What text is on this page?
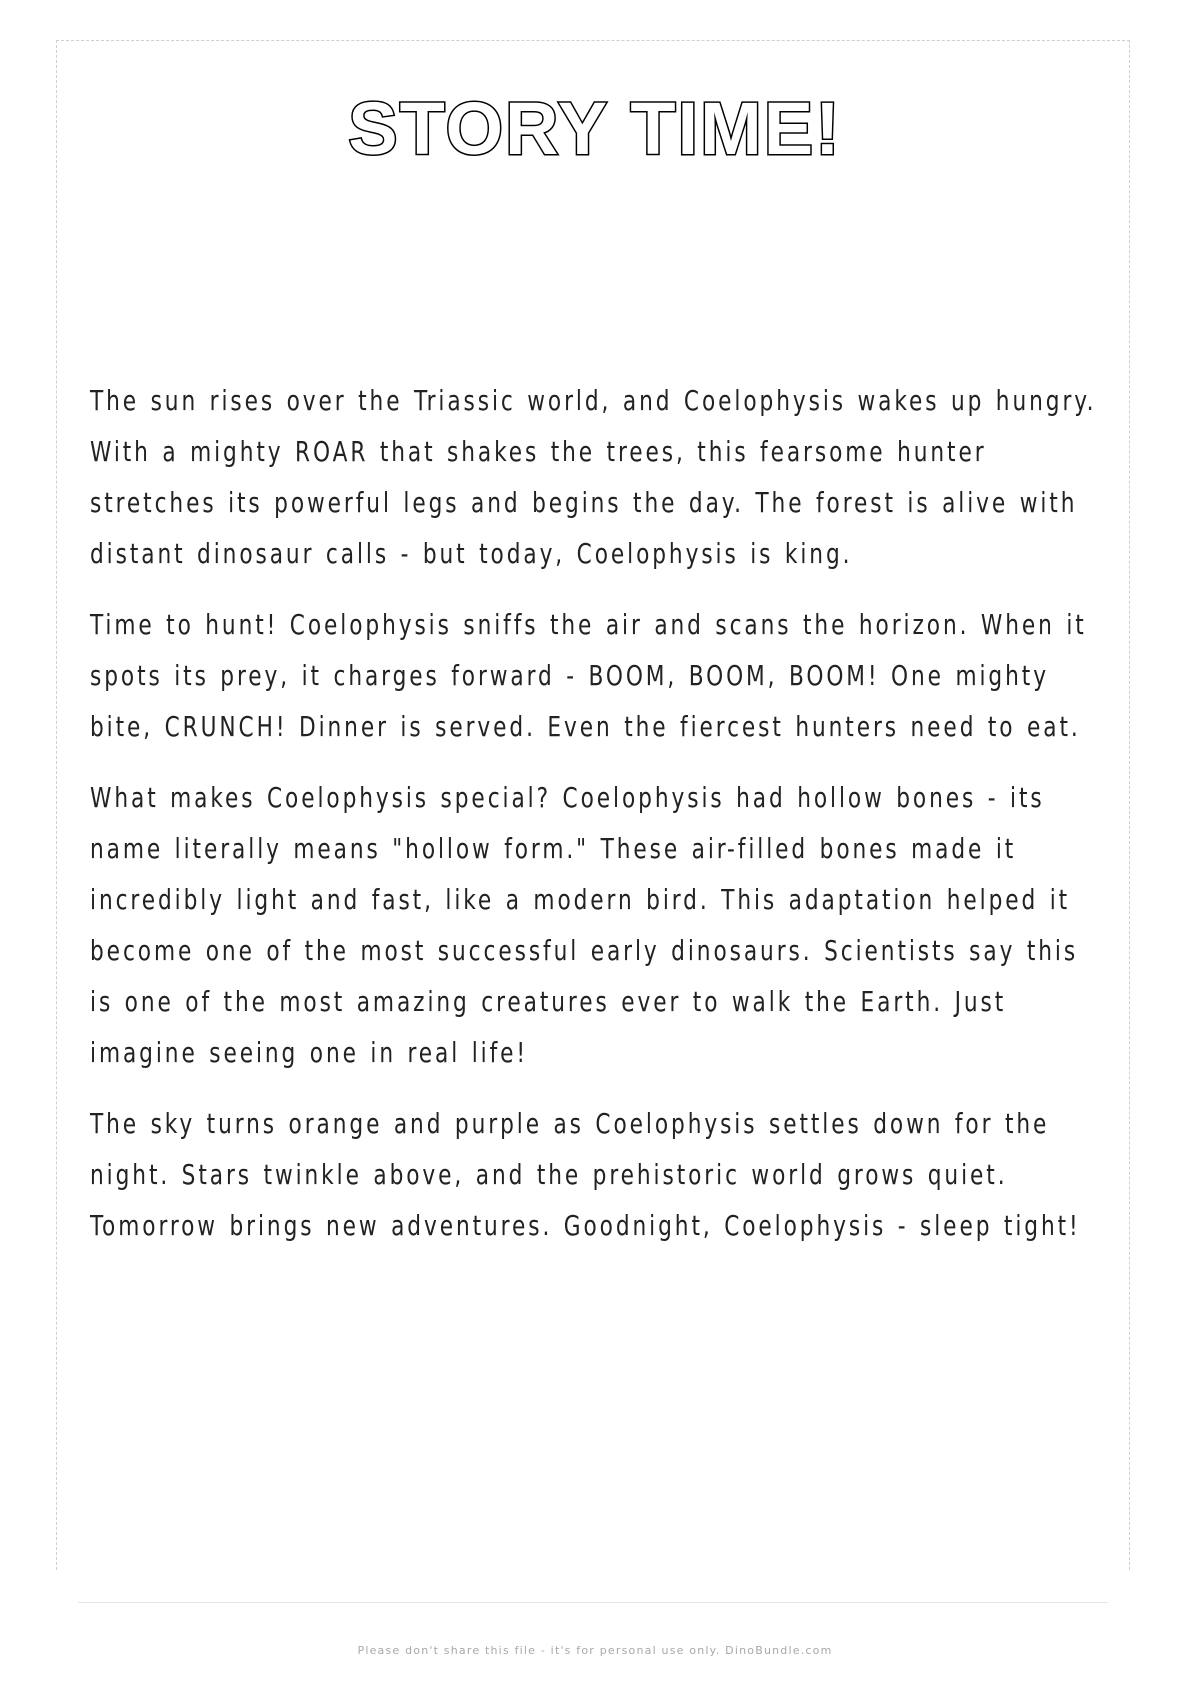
STORY TIME!

The sun rises over the Triassic world, and Coelophysis wakes up hungry. With a mighty ROAR that shakes the trees, this fearsome hunter stretches its powerful legs and begins the day. The forest is alive with distant dinosaur calls - but today, Coelophysis is king.

Time to hunt! Coelophysis sniffs the air and scans the horizon. When it spots its prey, it charges forward - BOOM, BOOM, BOOM! One mighty bite, CRUNCH! Dinner is served. Even the fiercest hunters need to eat.

What makes Coelophysis special? Coelophysis had hollow bones - its name literally means "hollow form." These air-filled bones made it incredibly light and fast, like a modern bird. This adaptation helped it become one of the most successful early dinosaurs. Scientists say this is one of the most amazing creatures ever to walk the Earth. Just imagine seeing one in real life!

The sky turns orange and purple as Coelophysis settles down for the night. Stars twinkle above, and the prehistoric world grows quiet. Tomorrow brings new adventures. Goodnight, Coelophysis - sleep tight!

Please don't share this file - it's for personal use only. DinoBundle.com
